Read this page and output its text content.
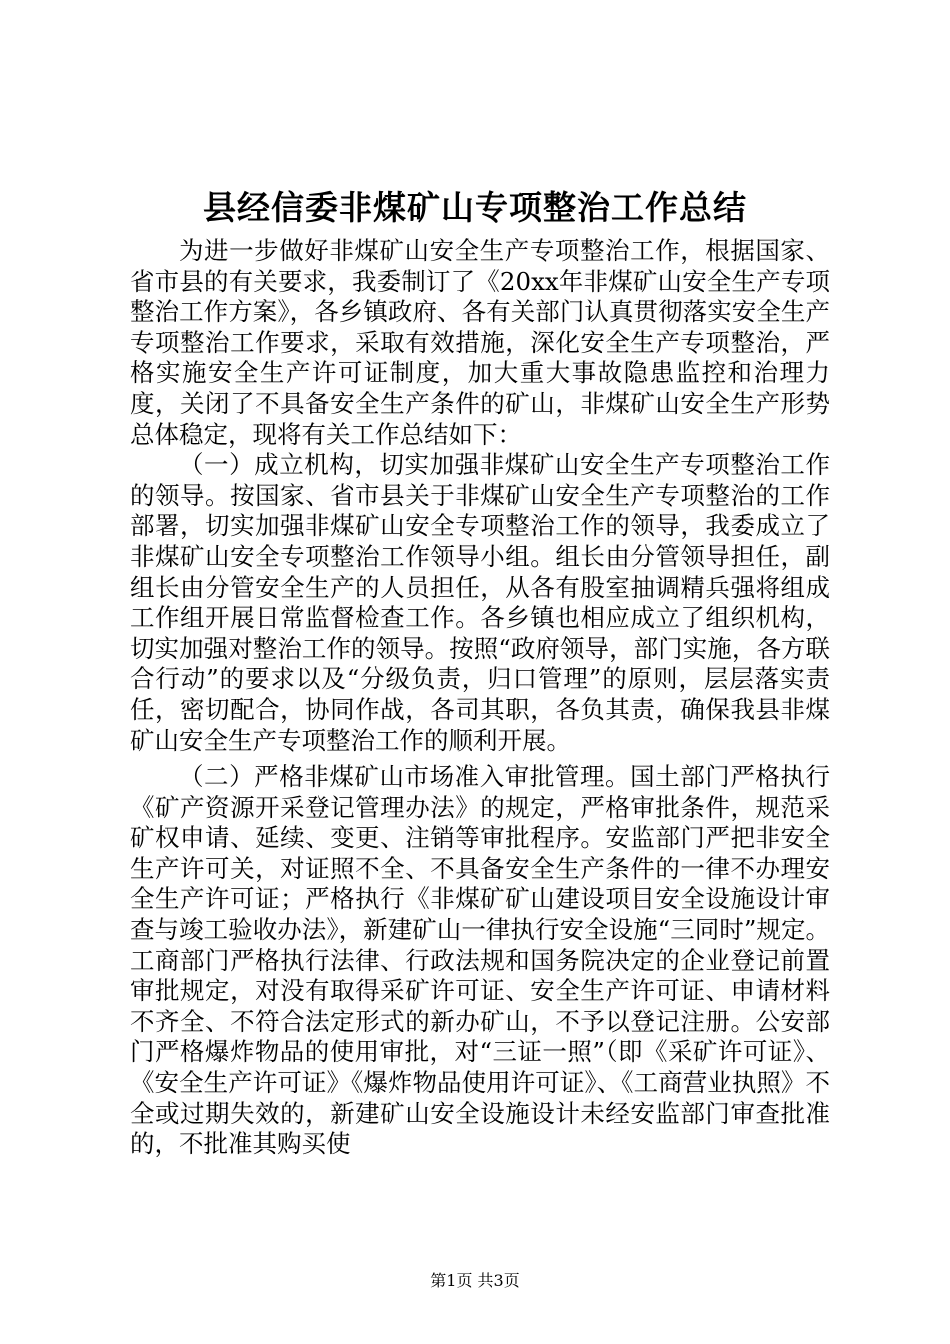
县经信委非煤矿山专项整治工作总结

为进一步做好非煤矿山安全生产专项整治工作，根据国家、省市县的有关要求，我委制订了《20xx年非煤矿山安全生产专项整治工作方案》，各乡镇政府、各有关部门认真贯彻落实安全生产专项整治工作要求，采取有效措施，深化安全生产专项整治，严格实施安全生产许可证制度，加大重大事故隐患监控和治理力度，关闭了不具备安全生产条件的矿山，非煤矿山安全生产形势总体稳定，现将有关工作总结如下：

（一）成立机构，切实加强非煤矿山安全生产专项整治工作的领导。按国家、省市县关于非煤矿山安全生产专项整治的工作部署，切实加强非煤矿山安全专项整治工作的领导，我委成立了非煤矿山安全专项整治工作领导小组。组长由分管领导担任，副组长由分管安全生产的人员担任，从各有股室抽调精兵强将组成工作组开展日常监督检查工作。各乡镇也相应成立了组织机构，切实加强对整治工作的领导。按照“政府领导，部门实施，各方联合行动”的要求以及“分级负责，归口管理”的原则，层层落实责任，密切配合，协同作战，各司其职，各负其责，确保我县非煤矿山安全生产专项整治工作的顺利开展。

（二）严格非煤矿山市场准入审批管理。国土部门严格执行《矿产资源开采登记管理办法》的规定，严格审批条件，规范采矿权申请、延续、变更、注销等审批程序。安监部门严把非安全生产许可关，对证照不全、不具备安全生产条件的一律不办理安全生产许可证；严格执行《非煤矿矿山建设项目安全设施设计审查与竣工验收办法》，新建矿山一律执行安全设施“三同时”规定。工商部门严格执行法律、行政法规和国务院决定的企业登记前置审批规定，对没有取得采矿许可证、安全生产许可证、申请材料不齐全、不符合法定形式的新办矿山，不予以登记注册。公安部门严格爆炸物品的使用审批，对“三证一照”（即《采矿许可证》、《安全生产许可证》《爆炸物品使用许可证》、《工商营业执照》不全或过期失效的，新建矿山安全设施设计未经安监部门审查批准的，不批准其购买使

第1页 共3页
